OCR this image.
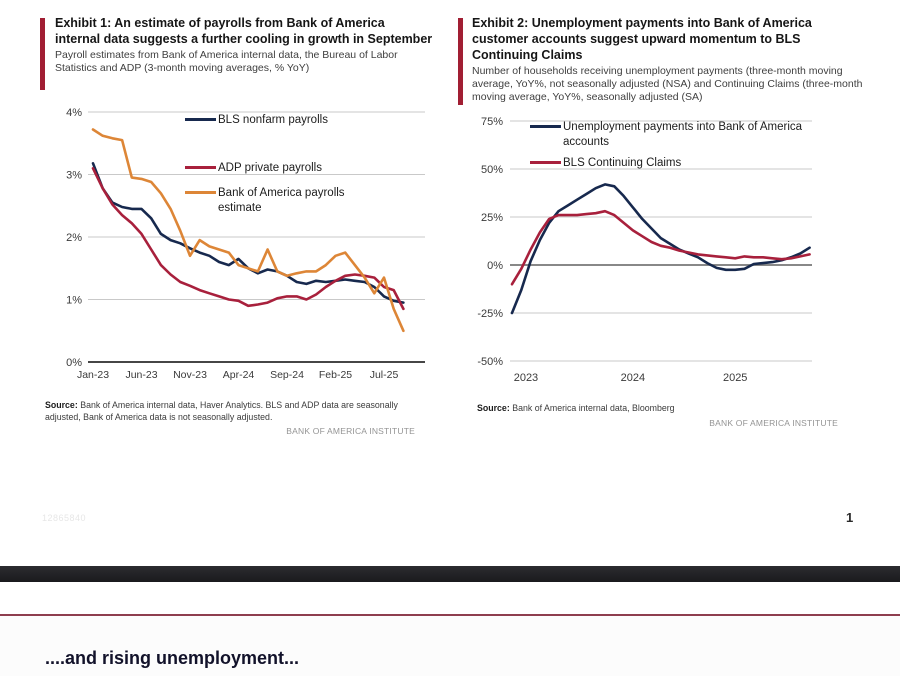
Exhibit 1: An estimate of payrolls from Bank of America internal data suggests a further cooling in growth in September
Payroll estimates from Bank of America internal data, the Bureau of Labor Statistics and ADP (3-month moving averages, % YoY)
4%
3%
2%
1%
0%
Jan-23 Jun-23 Nov-23 Apr-24 Sep-24 Feb-25 Jul-25
BLS nonfarm payrolls
ADP private payrolls
Bank of America payrolls estimate
Source: Bank of America internal data, Haver Analytics. BLS and ADP data are seasonally adjusted, Bank of America data is not seasonally adjusted.
BANK OF AMERICA INSTITUTE
Exhibit 2: Unemployment payments into Bank of America customer accounts suggest upward momentum to BLS Continuing Claims
Number of households receiving unemployment payments (three-month moving average, YoY%, not seasonally adjusted (NSA) and Continuing Claims (three-month moving average, YoY%, seasonally adjusted (SA)
75%
50%
25%
0%
-25%
-50%
2023	2024	2025
Unemployment payments into Bank of America accounts
BLS Continuing Claims
Source: Bank of America internal data, Bloomberg
BANK OF AMERICA INSTITUTE
12865840	1
....and rising unemployment...
